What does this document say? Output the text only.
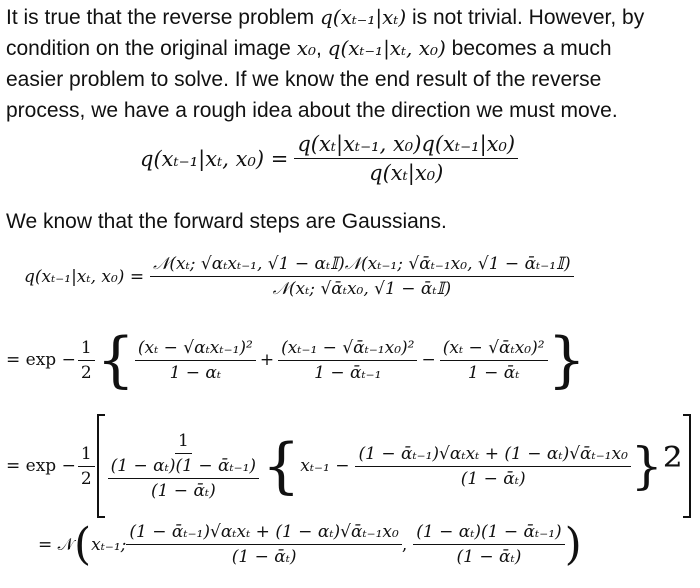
It is true that the reverse problem q(xₜ₋₁|xₜ) is not trivial. However, by
condition on the original image x₀, q(xₜ₋₁|xₜ, x₀) becomes a much
easier problem to solve. If we know the end result of the reverse
process, we have a rough idea about the direction we must move.

q(xₜ₋₁|xₜ, $x_0) = \frac{\text{q(xₜ|xₜ₋₁, x₀)q(xₜ₋₁|x₀)}}{\text{q(xₜ|x₀)}}$

We know that the forward steps are Gaussians.

q(xₜ₋₁|xₜ, $x_0) = \frac{\text{𝒩(xₜ; √αₜxₜ₋₁, √1 − αₜ𝕀)𝒩(xₜ₋₁; √ᾱₜ₋₁x₀, √1 − ᾱₜ₋₁𝕀)}}{\text{𝒩(xₜ; √ᾱₜx₀, √1 − ᾱₜ𝕀)}}$
= $\exp - \frac{1}{2}$ { $\frac{\text{(xₜ − √αₜxₜ₋₁)²}}{\text{1 − αₜ}} + \frac{\text{(xₜ₋₁ − √ᾱₜ₋₁x₀)²}}{\text{1 − ᾱₜ₋₁}} - \frac{\text{(xₜ − √ᾱₜx₀)²}}{\text{1 − ᾱₜ}}$ }
= $\exp - \frac{1}{2} \frac{1}{\frac{\text{(1 − αₜ)(1 − ᾱₜ₋₁)}}{\text{(1 − ᾱₜ)}}}$ { $x_{t-1} - \frac{\text{(1 − ᾱₜ₋₁)√αₜxₜ + (1 − αₜ)√ᾱₜ₋₁x₀}}{\text{(1 − ᾱₜ)}} \}^2$
= 𝒩 ( xₜ₋₁; $\frac{\text{(1 − ᾱₜ₋₁)√αₜxₜ + (1 − αₜ)√ᾱₜ₋₁x₀}}{\text{(1 − ᾱₜ)}}$ , $\frac{\text{(1 − αₜ)(1 − ᾱₜ₋₁)}}{\text{(1 − ᾱₜ)}}$ )
